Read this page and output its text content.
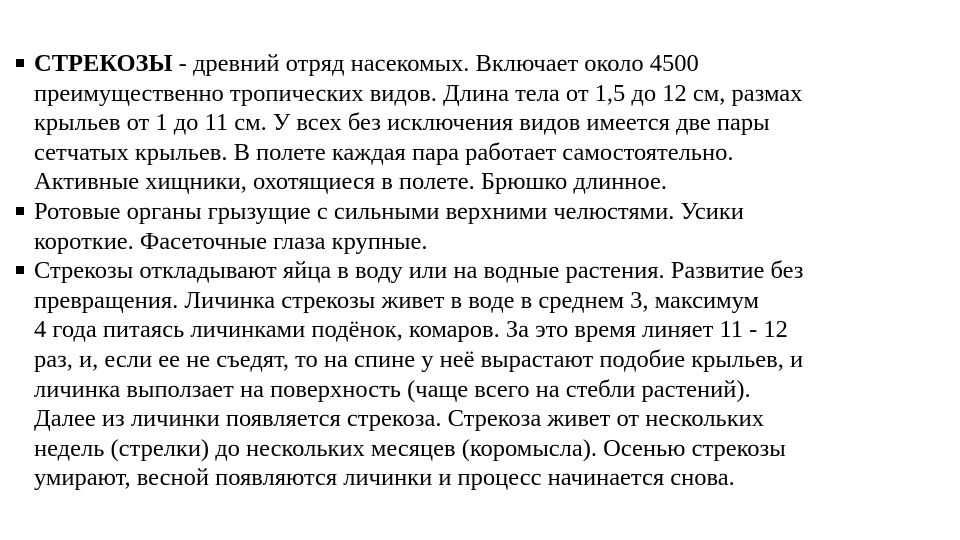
СТРЕКОЗЫ - древний отряд насекомых. Включает около 4500
преимущественно тропических видов. Длина тела от 1,5 до 12 см, размах
крыльев от 1 до 11 см. У всех без исключения видов имеется две пары
сетчатых крыльев. В полете каждая пара работает самостоятельно.
Активные хищники, охотящиеся в полете. Брюшко длинное.
Ротовые органы грызущие с сильными верхними челюстями. Усики
короткие. Фасеточные глаза крупные.
Стрекозы откладывают яйца в воду или на водные растения. Развитие без
превращения. Личинка стрекозы живет в воде в среднем 3, максимум
4 года питаясь личинками подёнок, комаров. За это время линяет 11 - 12
раз, и, если ее не съедят, то на спине у неё вырастают подобие крыльев, и
личинка выползает на поверхность (чаще всего на стебли растений).
Далее из личинки появляется стрекоза. Стрекоза живет от нескольких
недель (стрелки) до нескольких месяцев (коромысла). Осенью стрекозы
умирают, весной появляются личинки и процесс начинается снова.
